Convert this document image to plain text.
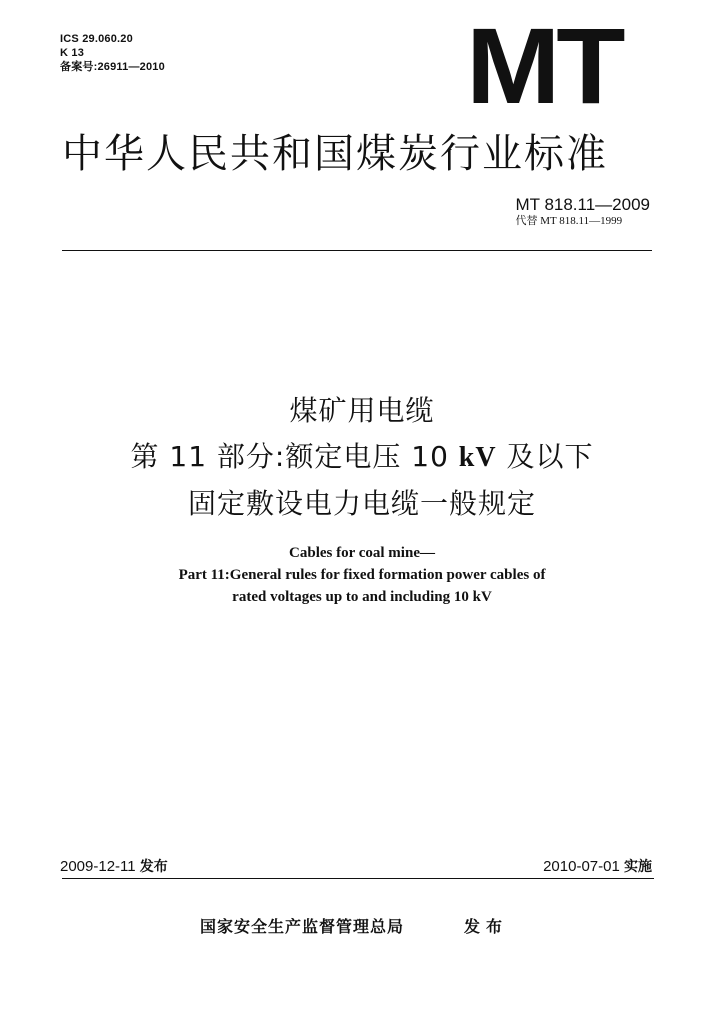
ICS 29.060.20
K 13
备案号:26911—2010	MT
中华人民共和国煤炭行业标准
MT 818.11—2009
代替 MT 818.11—1999
煤矿用电缆
第 11 部分:额定电压 10 kV 及以下
固定敷设电力电缆一般规定
Cables for coal mine—
Part 11:General rules for fixed formation power cables of
rated voltages up to and including 10 kV
2009-12-11 发布	2010-07-01 实施
国家安全生产监督管理总局	发布
